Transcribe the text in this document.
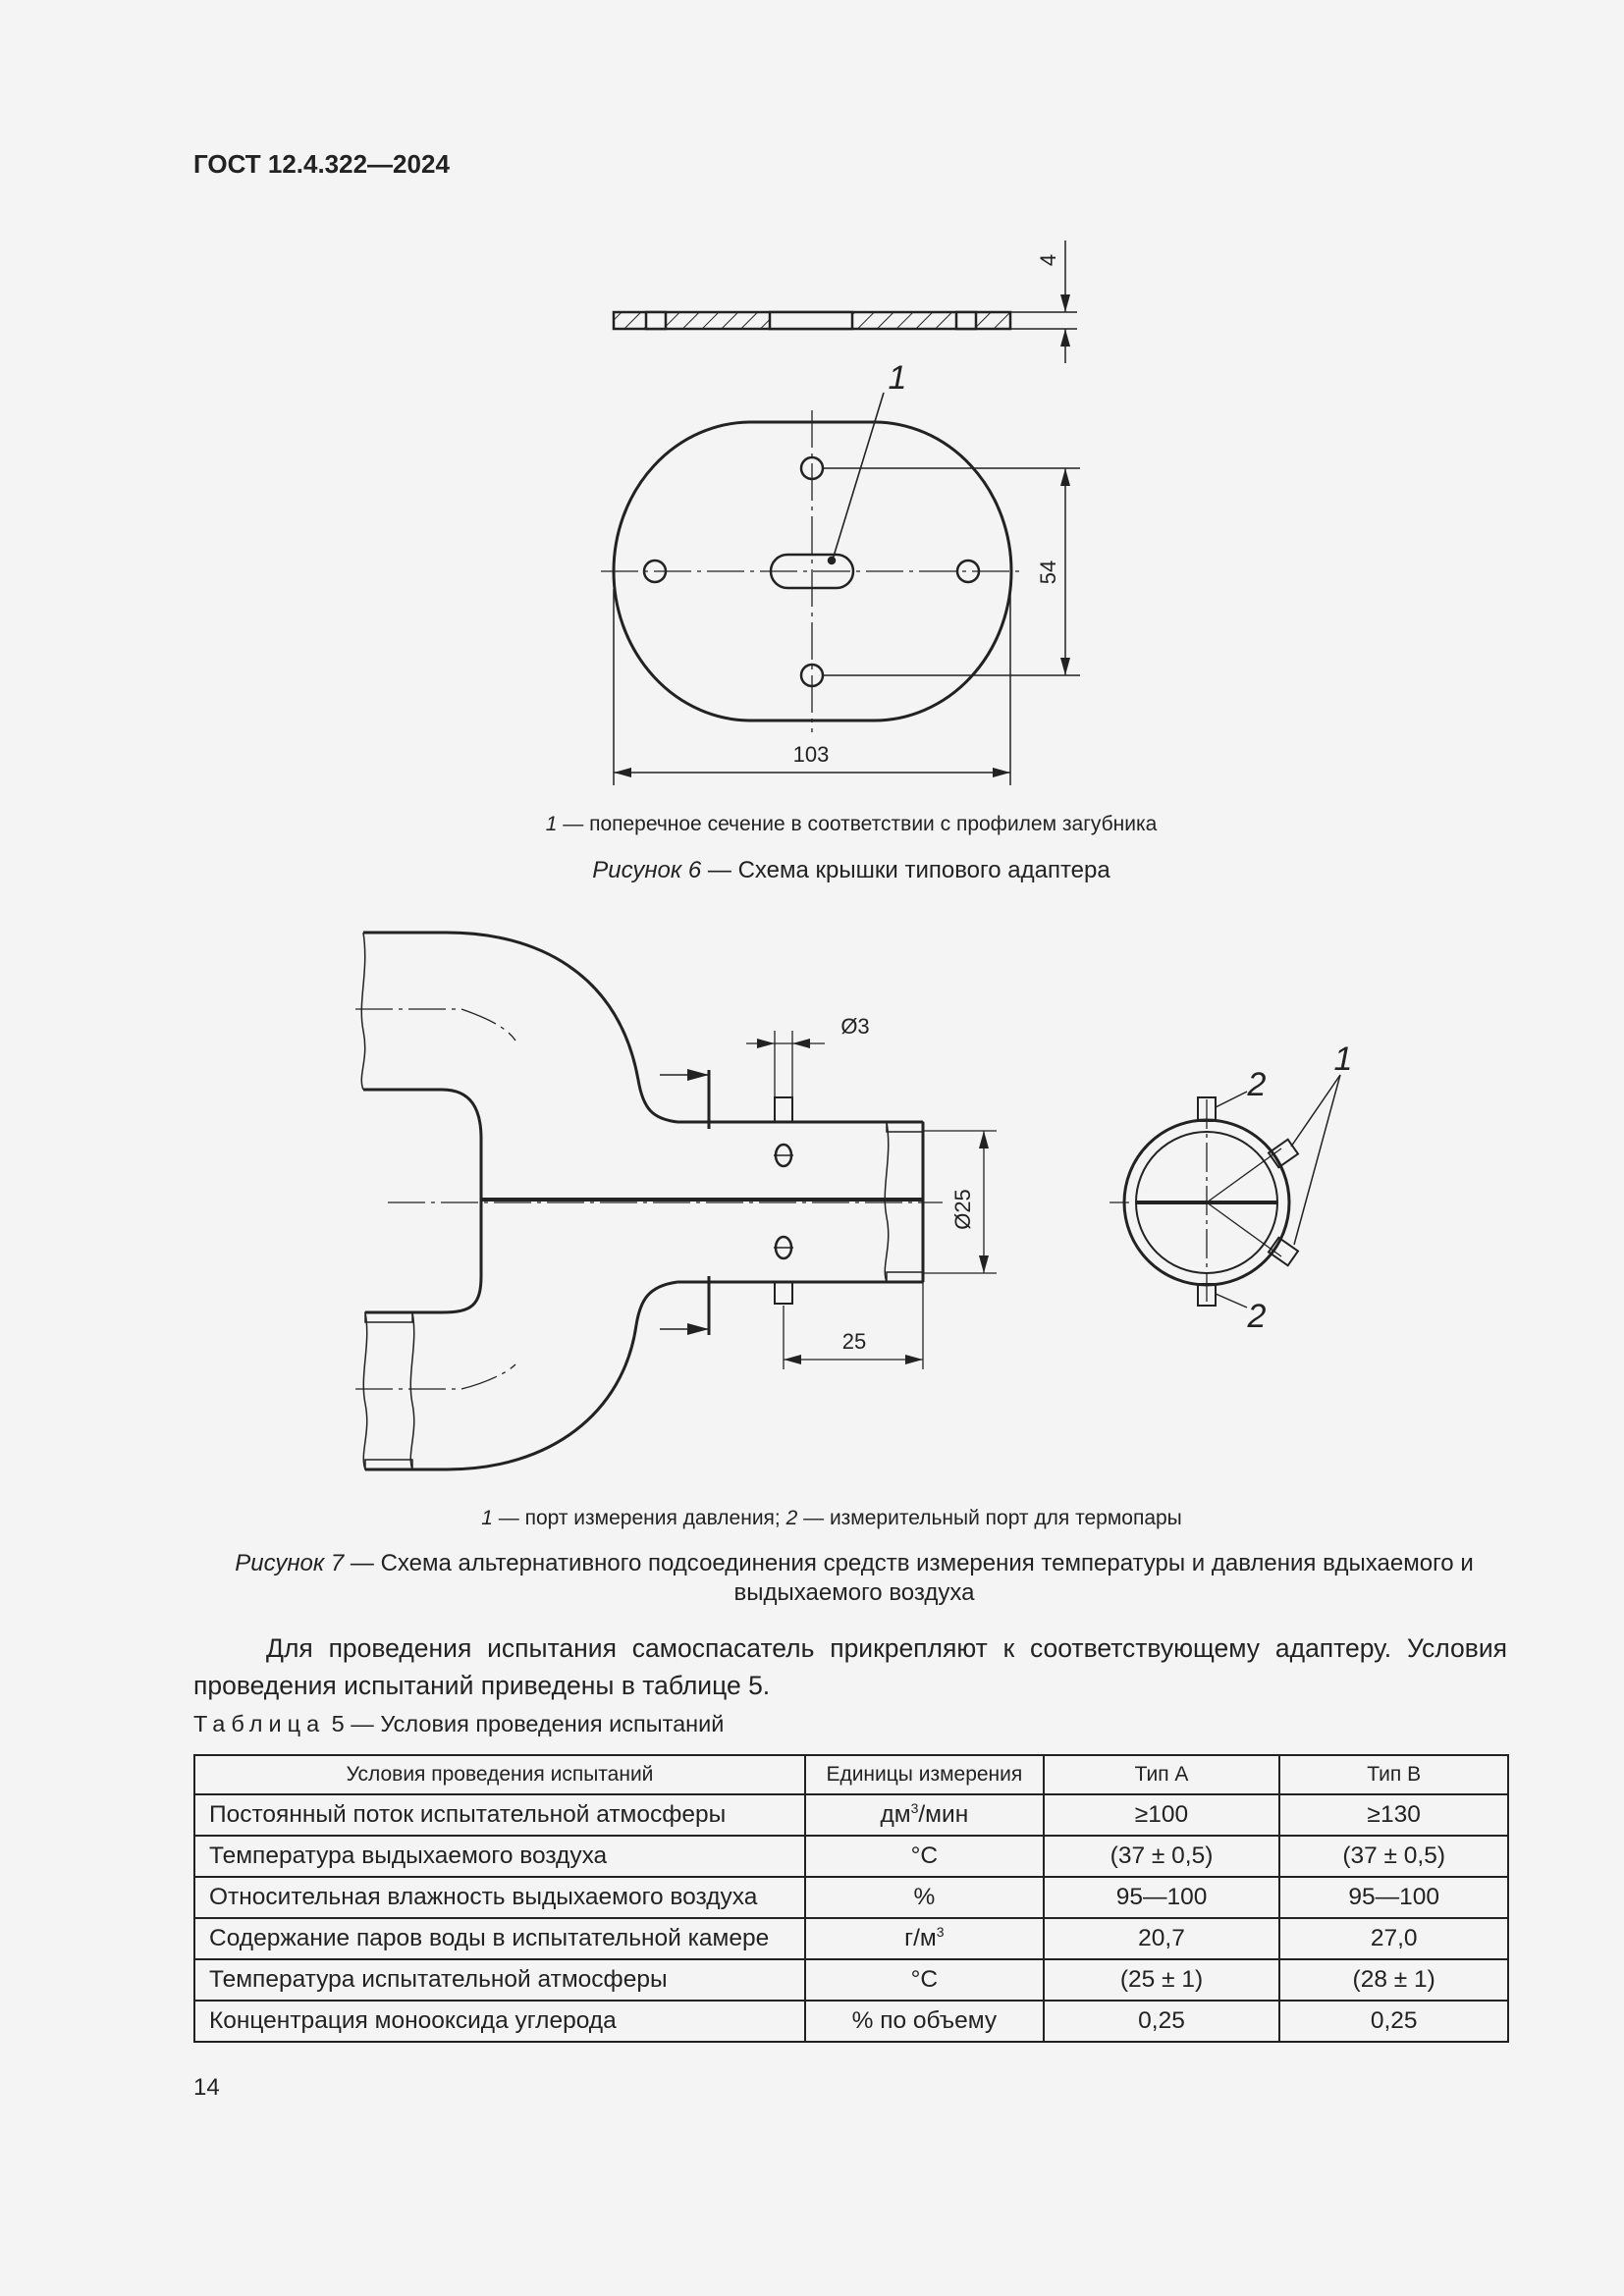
ГОСТ 12.4.322—2024
4
54
103
1
1 — поперечное сечение в соответствии с профилем загубника
Рисунок 6 — Схема крышки типового адаптера
Ø3
Ø25
25
1
2
2
1 — порт измерения давления; 2 — измерительный порт для термопары
Рисунок 7 — Схема альтернативного подсоединения средств измерения температуры и давления вдыхаемого и выдыхаемого воздуха
Для проведения испытания самоспасатель прикрепляют к соответствующему адаптеру. Условия проведения испытаний приведены в таблице 5.
Таблица 5 — Условия проведения испытаний
Условия проведения испытаний	Единицы измерения	Тип А	Тип В
Постоянный поток испытательной атмосферы	$дм^3$/мин	≥100	≥130
Температура выдыхаемого воздуха	°C	(37 ± 0,5)	(37 ± 0,5)
Относительная влажность выдыхаемого воздуха	%	95—100	95—100
Содержание паров воды в испытательной камере	$г/м^3$	20,7	27,0
Температура испытательной атмосферы	°C	(25 ± 1)	(28 ± 1)
Концентрация монооксида углерода	% по объему	0,25	0,25
14
